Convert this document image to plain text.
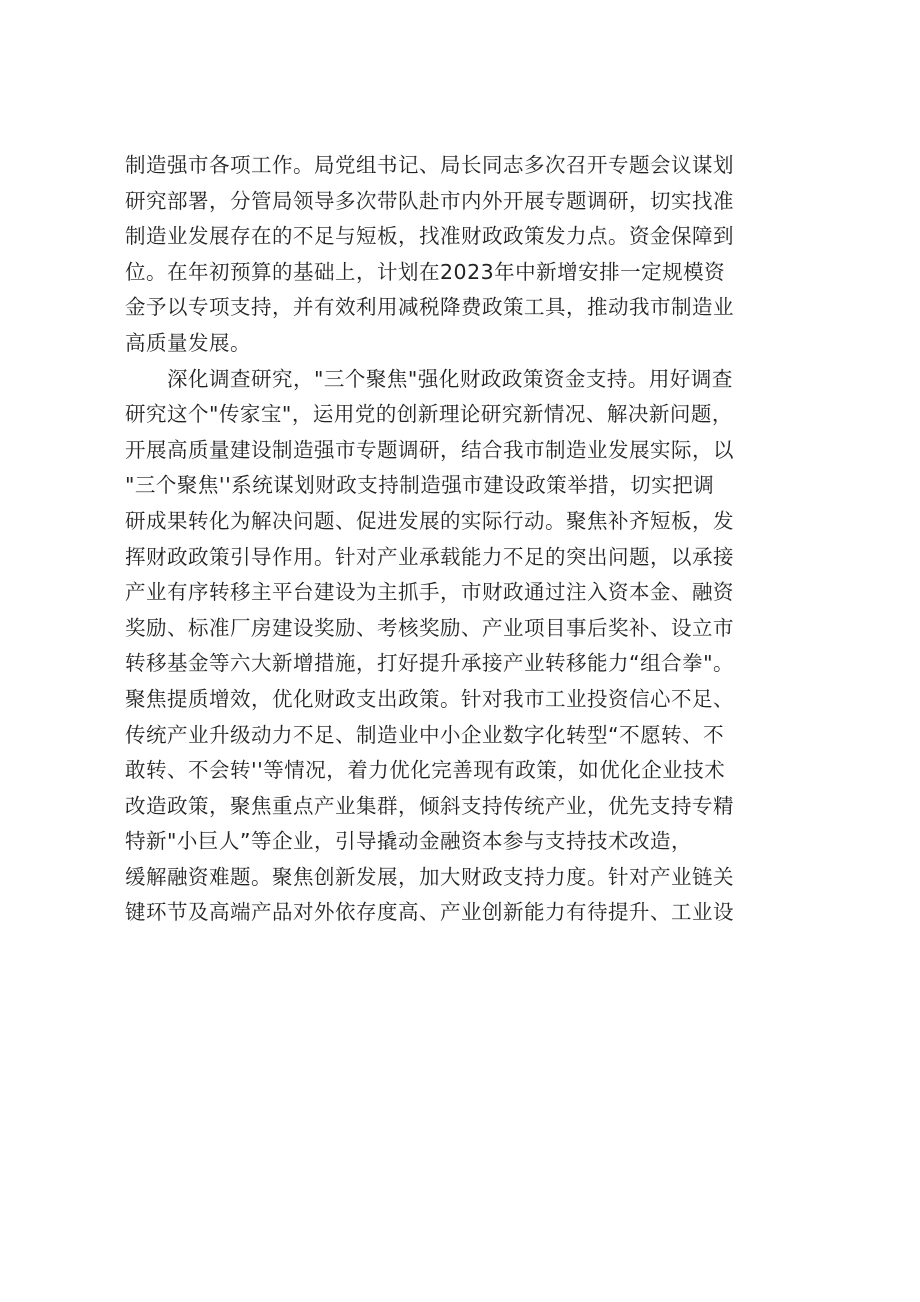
制造强市各项工作。局党组书记、局长同志多次召开专题会议谋划
研究部署，分管局领导多次带队赴市内外开展专题调研，切实找准
制造业发展存在的不足与短板，找准财政政策发力点。资金保障到
位。在年初预算的基础上，计划在2023年中新增安排一定规模资
金予以专项支持，并有效利用减税降费政策工具，推动我市制造业
高质量发展。
深化调查研究，"三个聚焦"强化财政政策资金支持。用好调查
研究这个"传家宝"，运用党的创新理论研究新情况、解决新问题，
开展高质量建设制造强市专题调研，结合我市制造业发展实际，以
"三个聚焦''系统谋划财政支持制造强市建设政策举措，切实把调
研成果转化为解决问题、促进发展的实际行动。聚焦补齐短板，发
挥财政政策引导作用。针对产业承载能力不足的突出问题，以承接
产业有序转移主平台建设为主抓手，市财政通过注入资本金、融资
奖励、标准厂房建设奖励、考核奖励、产业项目事后奖补、设立市
转移基金等六大新增措施，打好提升承接产业转移能力“组合拳"。
聚焦提质增效，优化财政支出政策。针对我市工业投资信心不足、
传统产业升级动力不足、制造业中小企业数字化转型“不愿转、不
敢转、不会转''等情况，着力优化完善现有政策，如优化企业技术
改造政策，聚焦重点产业集群，倾斜支持传统产业，优先支持专精
特新"小巨人”等企业，引导撬动金融资本参与支持技术改造，
缓解融资难题。聚焦创新发展，加大财政支持力度。针对产业链关
键环节及高端产品对外依存度高、产业创新能力有待提升、工业设
